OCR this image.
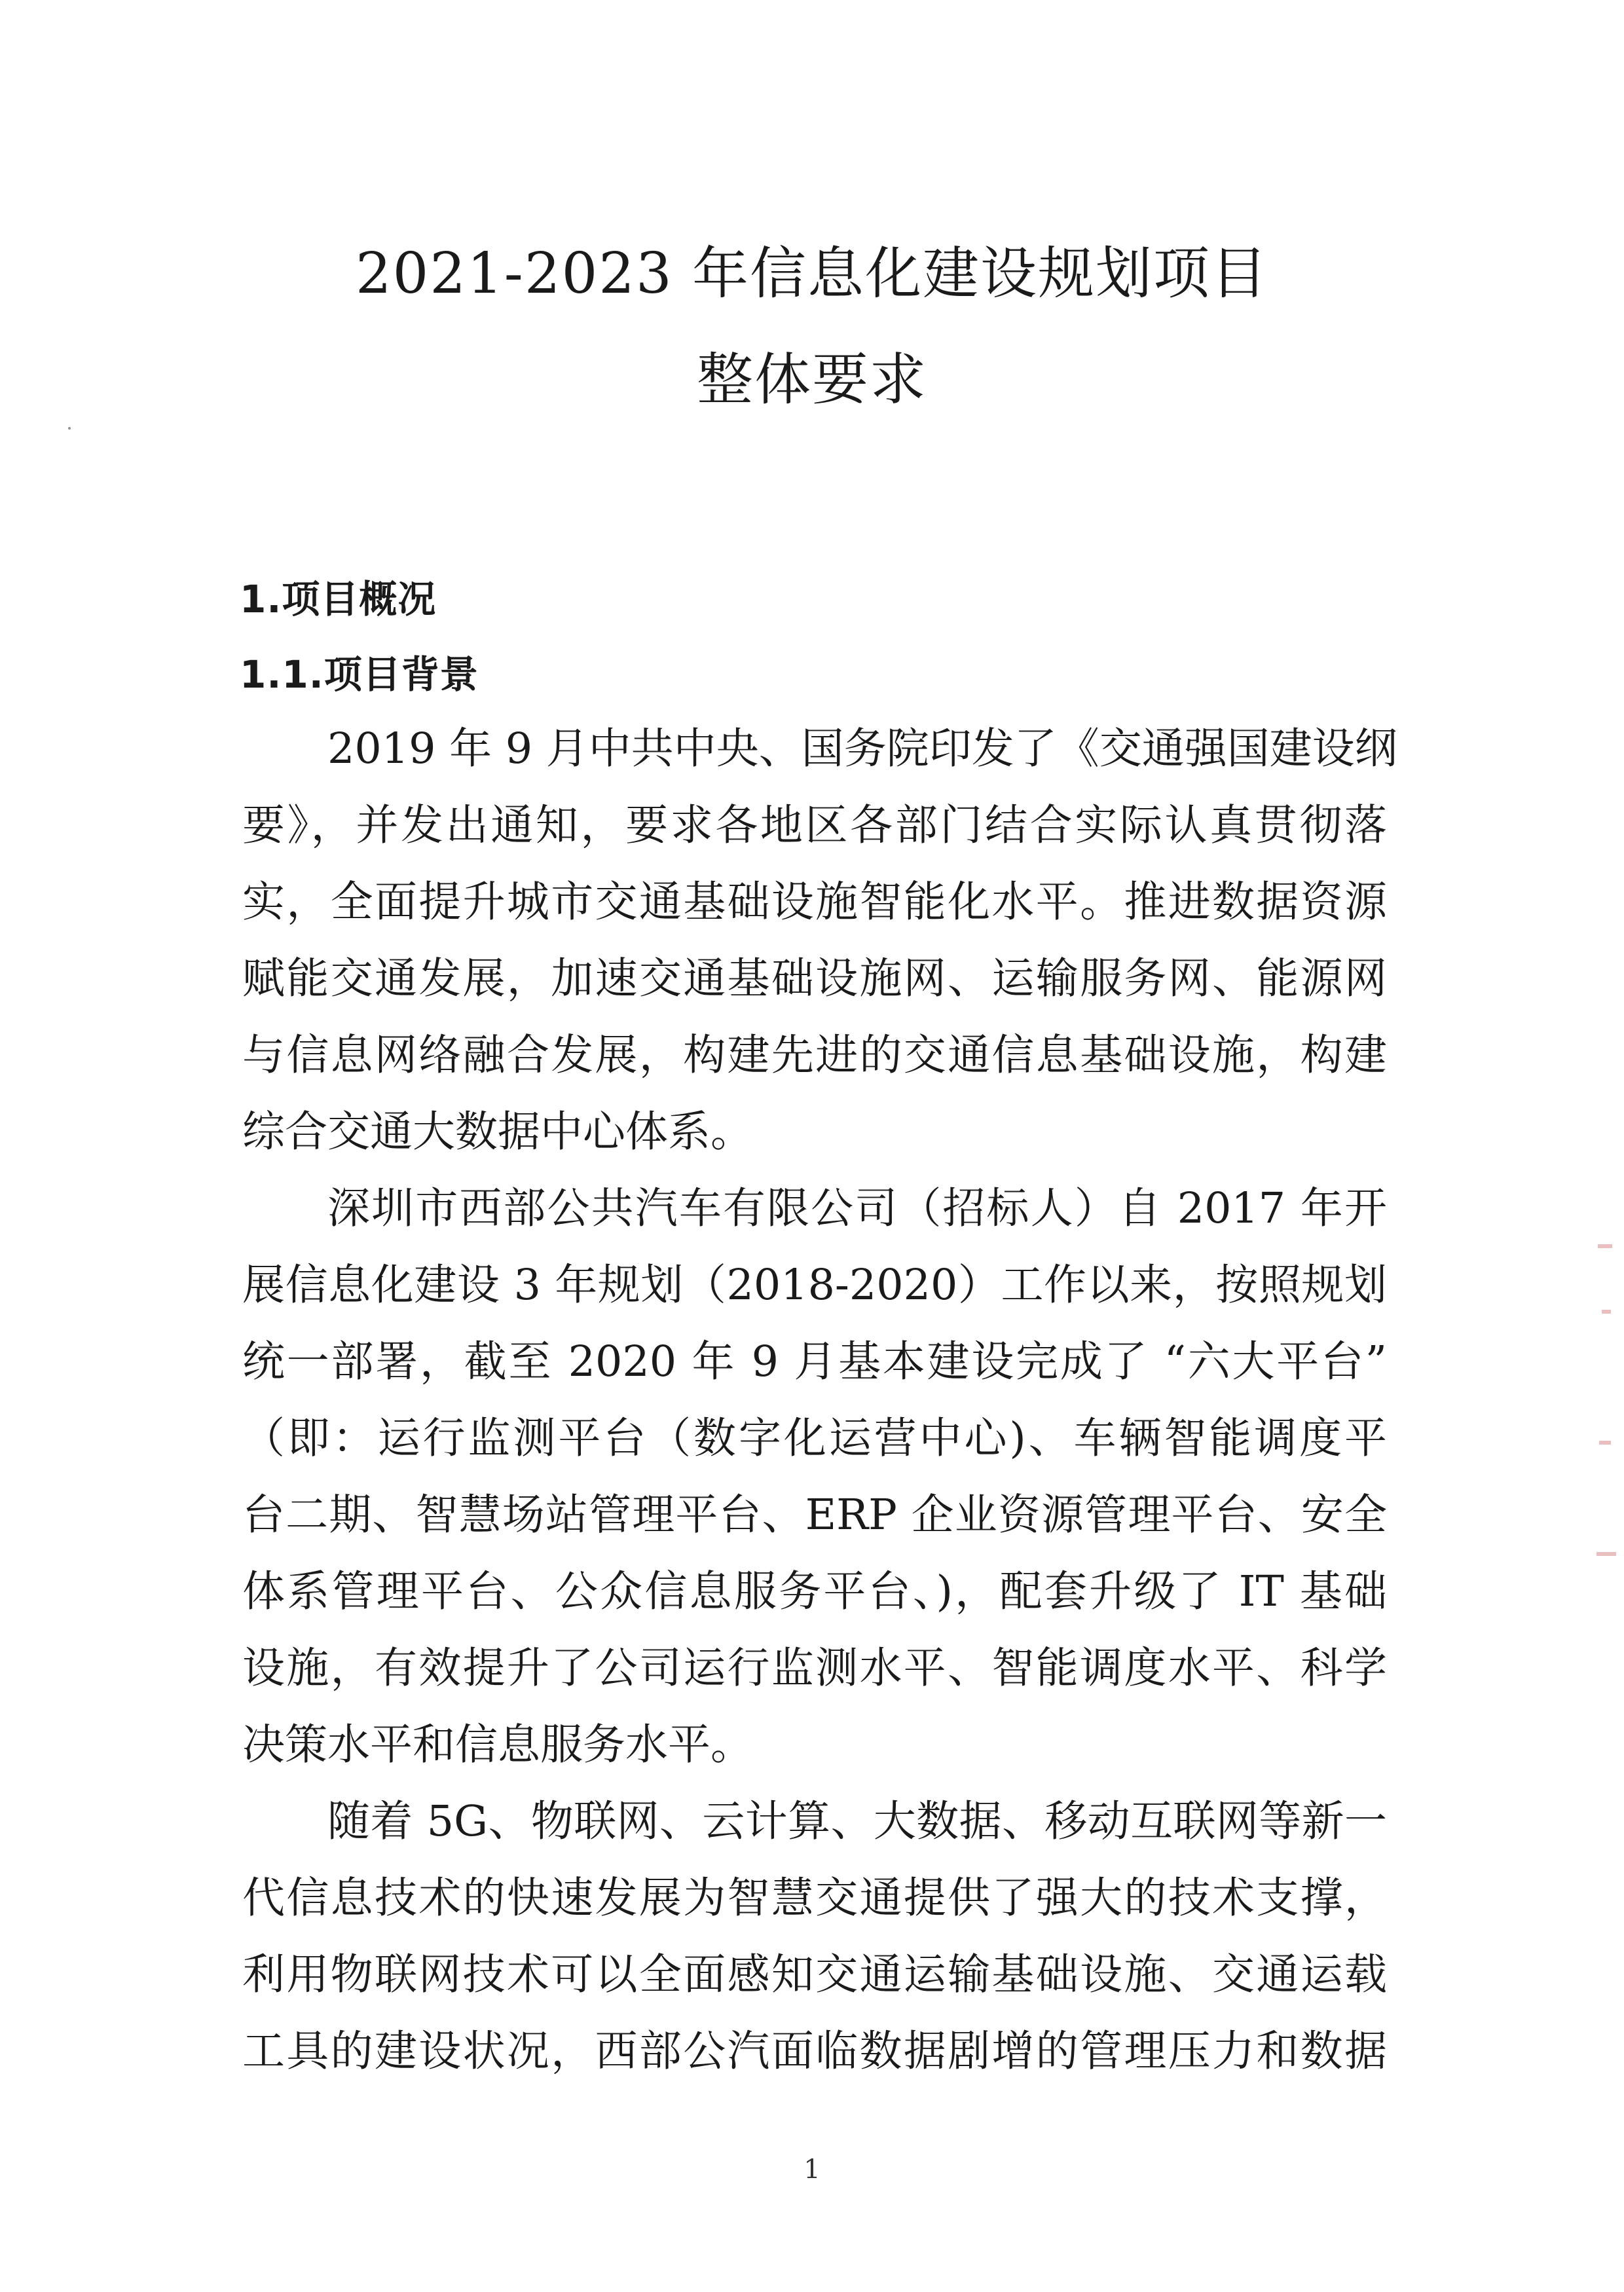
2021-2023 年信息化建设规划项目
整体要求
1.项目概况
1.1.项目背景
2019 年 9 月中共中央、国务院印发了《交通强国建设纲
要》，并发出通知，要求各地区各部门结合实际认真贯彻落
实，全面提升城市交通基础设施智能化水平。推进数据资源
赋能交通发展，加速交通基础设施网、运输服务网、能源网
与信息网络融合发展，构建先进的交通信息基础设施，构建
综合交通大数据中心体系。
深圳市西部公共汽车有限公司（招标人）自 2017 年开
展信息化建设 3 年规划（2018-2020）工作以来，按照规划
统一部署，截至 2020 年 9 月基本建设完成了 “六大平台”
（即：运行监测平台（数字化运营中心)、车辆智能调度平
台二期、智慧场站管理平台、ERP 企业资源管理平台、安全
体系管理平台、公众信息服务平台、)，配套升级了 IT 基础
设施，有效提升了公司运行监测水平、智能调度水平、科学
决策水平和信息服务水平。
随着 5G、物联网、云计算、大数据、移动互联网等新一
代信息技术的快速发展为智慧交通提供了强大的技术支撑，
利用物联网技术可以全面感知交通运输基础设施、交通运载
工具的建设状况，西部公汽面临数据剧增的管理压力和数据
1
